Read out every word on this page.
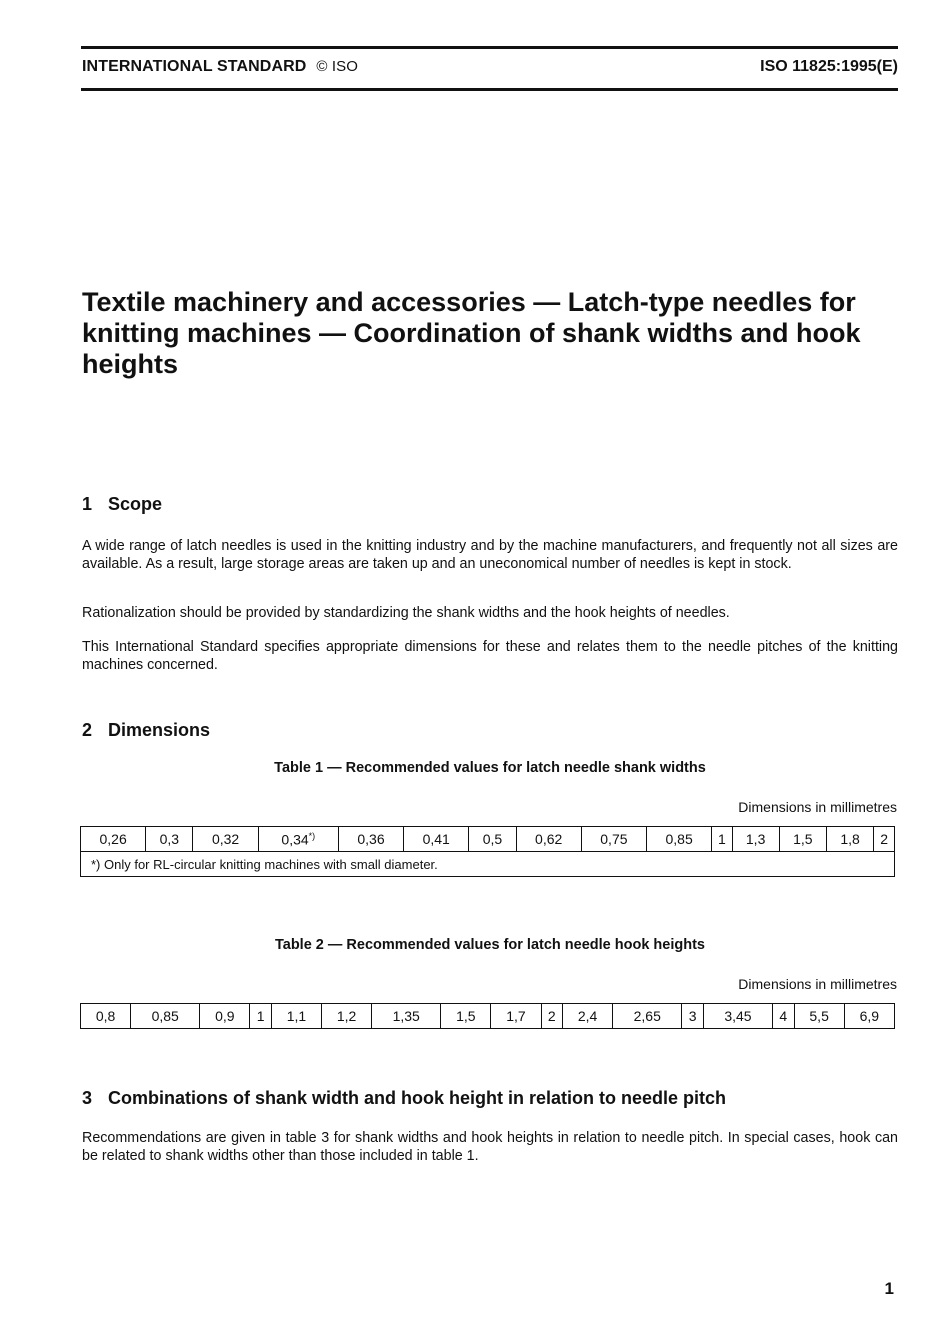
INTERNATIONAL STANDARD © ISO	ISO 11825:1995(E)
Textile machinery and accessories — Latch-type needles for knitting machines — Coordination of shank widths and hook heights
1 Scope

A wide range of latch needles is used in the knitting industry and by the machine manufacturers, and frequently not all sizes are available. As a result, large storage areas are taken up and an uneconomical number of needles is kept in stock.

Rationalization should be provided by standardizing the shank widths and the hook heights of needles.

This International Standard specifies appropriate dimensions for these and relates them to the needle pitches of the knitting machines concerned.

2 Dimensions

Table 1 — Recommended values for latch needle shank widths

Dimensions in millimetres

0,26	0,3	0,32	0,34*)	0,36	0,41	0,5	0,62	0,75	0,85	1	1,3	1,5	1,8	2
*) Only for RL-circular knitting machines with small diameter.

Table 2 — Recommended values for latch needle hook heights

Dimensions in millimetres

0,8	0,85	0,9	1	1,1	1,2	1,35	1,5	1,7	2	2,4	2,65	3	3,45	4	5,5	6,9
3 Combinations of shank width and hook height in relation to needle pitch

Recommendations are given in table 3 for shank widths and hook heights in relation to needle pitch. In special cases, hook can be related to shank widths other than those included in table 1.

1
